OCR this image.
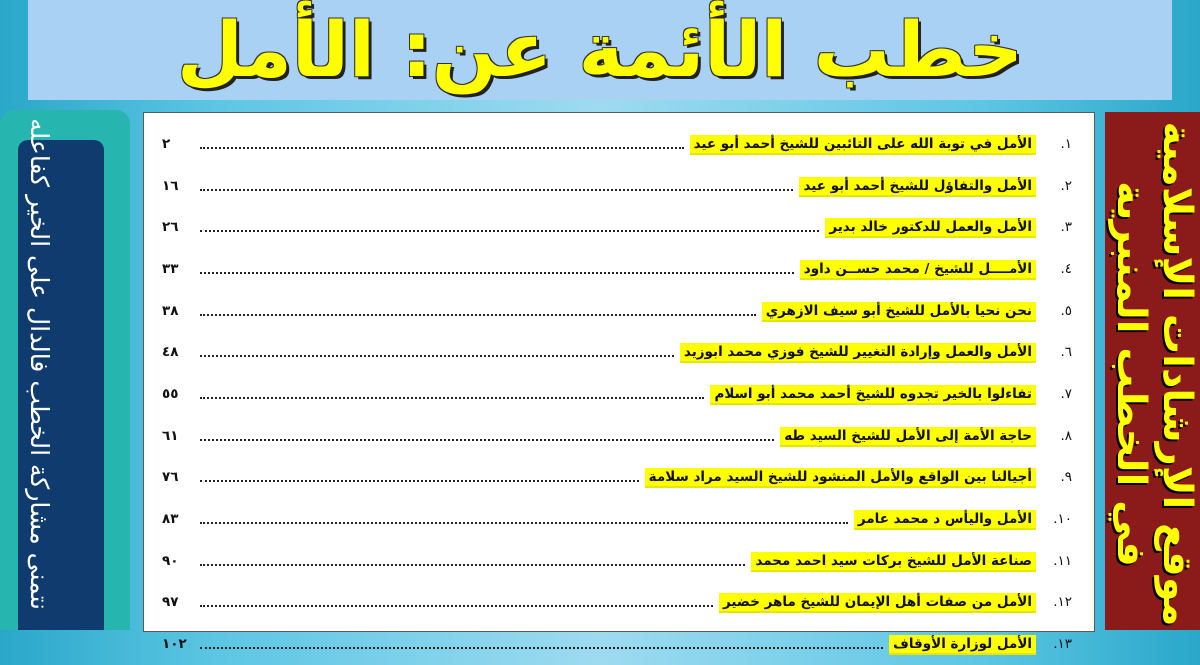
خطب الأئمة عن: الأمل
نتمنى مشاركة الخطب فالدال على الخير كفاعله	١.
الأمل في توبة الله على التائبين للشيخ أحمد أبو عيد
٢
٢.
الأمل والتفاؤل للشيخ أحمد أبو عيد
١٦
٣.
الأمل والعمل للدكتور خالد بدير
٢٦
٤.
الأمــــل للشيخ / محمد حســن داود
٣٣
٥.
نحن نحيا بالأمل للشيخ أبو سيف الازهري
٣٨
٦.
الأمل والعمل وإرادة التغيير للشيخ فوزي محمد ابوزيد
٤٨
٧.
تفاءلوا بالخير تجدوه للشيخ أحمد محمد أبو اسلام
٥٥
٨.
حاجة الأمة إلى الأمل للشيخ السيد طه
٦١
٩.
أجيالنا بين الواقع والأمل المنشود للشيخ السيد مراد سلامة
٧٦
١٠.
الأمل واليأس د محمد عامر
٨٣
١١.
صناعة الأمل للشيخ بركات سيد احمد محمد
٩٠
١٢.
الأمل من صفات أهل الإيمان للشيخ ماهر خضير
٩٧
١٣.
الأمل لوزارة الأوقاف
١٠٢
موقع الإرشادات الإسلامية
في الخطب المنبرية
